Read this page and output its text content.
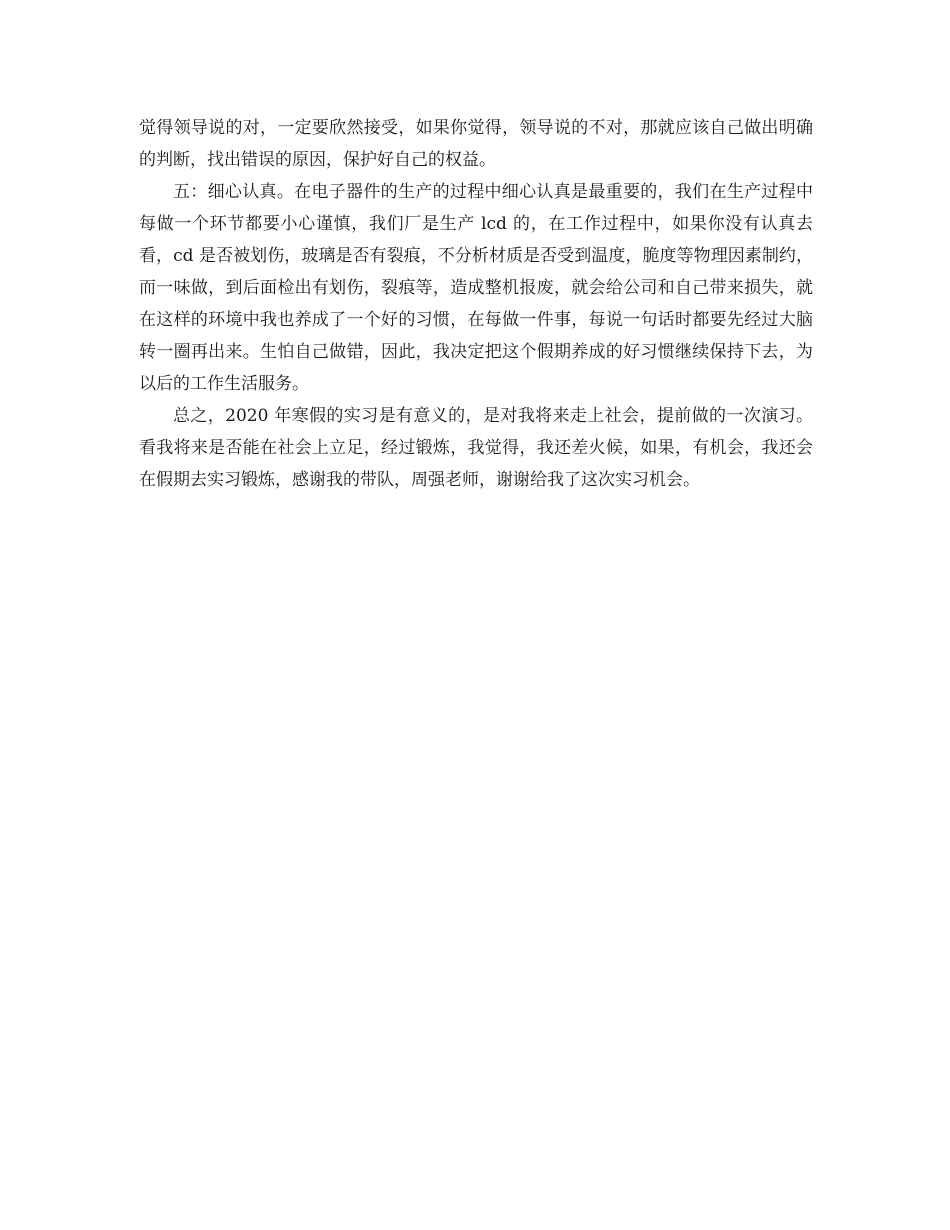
觉得领导说的对，一定要欣然接受，如果你觉得，领导说的不对，那就应该自己做出明确的判断，找出错误的原因，保护好自己的权益。

五：细心认真。在电子器件的生产的过程中细心认真是最重要的，我们在生产过程中每做一个环节都要小心谨慎，我们厂是生产 lcd 的，在工作过程中，如果你没有认真去看，cd 是否被划伤，玻璃是否有裂痕，不分析材质是否受到温度，脆度等物理因素制约，而一味做，到后面检出有划伤，裂痕等，造成整机报废，就会给公司和自己带来损失，就在这样的环境中我也养成了一个好的习惯，在每做一件事，每说一句话时都要先经过大脑转一圈再出来。生怕自己做错，因此，我决定把这个假期养成的好习惯继续保持下去，为以后的工作生活服务。

总之，2020 年寒假的实习是有意义的，是对我将来走上社会，提前做的一次演习。看我将来是否能在社会上立足，经过锻炼，我觉得，我还差火候，如果，有机会，我还会在假期去实习锻炼，感谢我的带队，周强老师，谢谢给我了这次实习机会。
